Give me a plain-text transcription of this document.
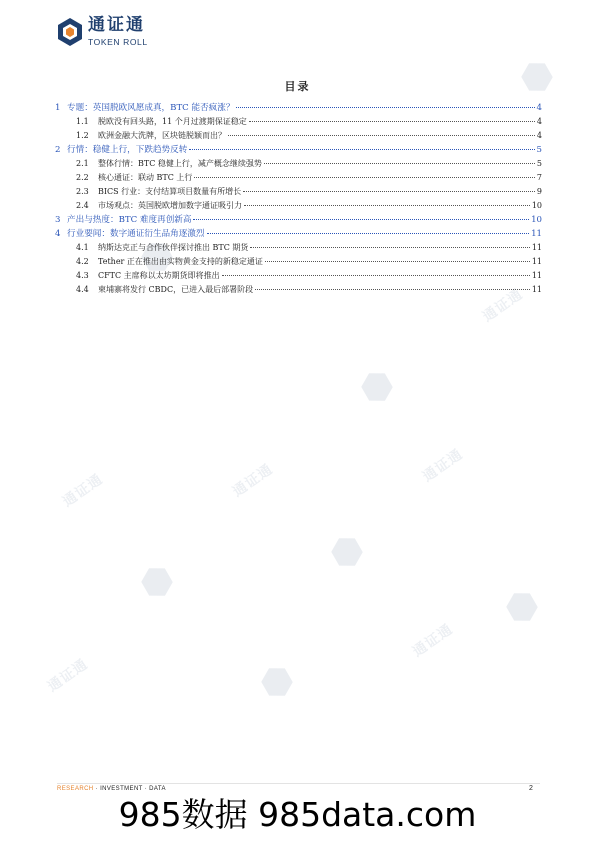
通证通
TOKEN ROLL
通证通
通证通	通证通
通证通
通证通
通证通
目录
1 专题：英国脱欧风愿成真，BTC 能否疯涨？	4
1.1	脱欧没有回头路，11 个月过渡期保证稳定	4
1.2	欧洲金融大洗牌，区块链脱颖而出？	4
2 行情：稳健上行，下跌趋势反转	5
2.1	整体行情：BTC 稳健上行，减产概念继续强势	5
2.2	核心通证：联动 BTC 上行	7
2.3	BICS 行业：支付结算项目数量有所增长	9
2.4	市场观点：英国脱欧增加数字通证吸引力	10
3 产出与热度：BTC 难度再创新高	10
4 行业要闻：数字通证衍生品角逐激烈	11
4.1	纳斯达克正与合作伙伴探讨推出 BTC 期货	11
4.2	Tether 正在推出由实物黄金支持的新稳定通证	11
4.3	CFTC 主席称以太坊期货即将推出	11
4.4	柬埔寨将发行 CBDC，已进入最后部署阶段	11
RESEARCH · INVESTMENT · DATA	2
985数据 985data.com
